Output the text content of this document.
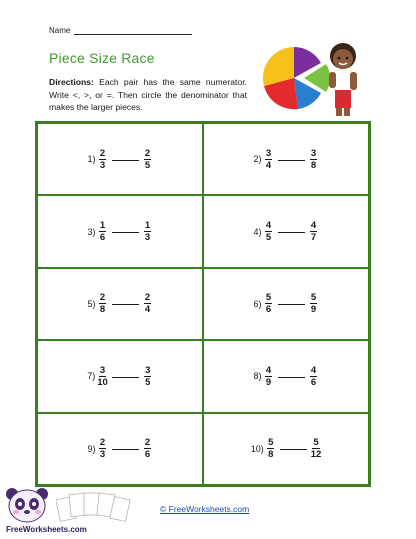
Name
Piece Size Race
Directions: Each pair has the same numerator. Write <, >, or =. Then circle the denominator that makes the larger pieces.
$1) \frac{2}{3}$	$\frac{2}{5}$	$2) \frac{3}{4}$	$\frac{3}{8}$
$3) \frac{1}{6}$	$\frac{1}{3}$	$4) \frac{4}{5}$	$\frac{4}{7}$
$5) \frac{2}{8}$	$\frac{2}{4}$	$6) \frac{5}{6}$	$\frac{5}{9}$
$7) \frac{3}{10}$	$\frac{3}{5}$	$8) \frac{4}{9}$	$\frac{4}{6}$
$9) \frac{2}{3}$	$\frac{2}{6}$	$10) \frac{5}{8}$	$\frac{5}{12}$
FreeWorksheets.com
© FreeWorksheets.com
